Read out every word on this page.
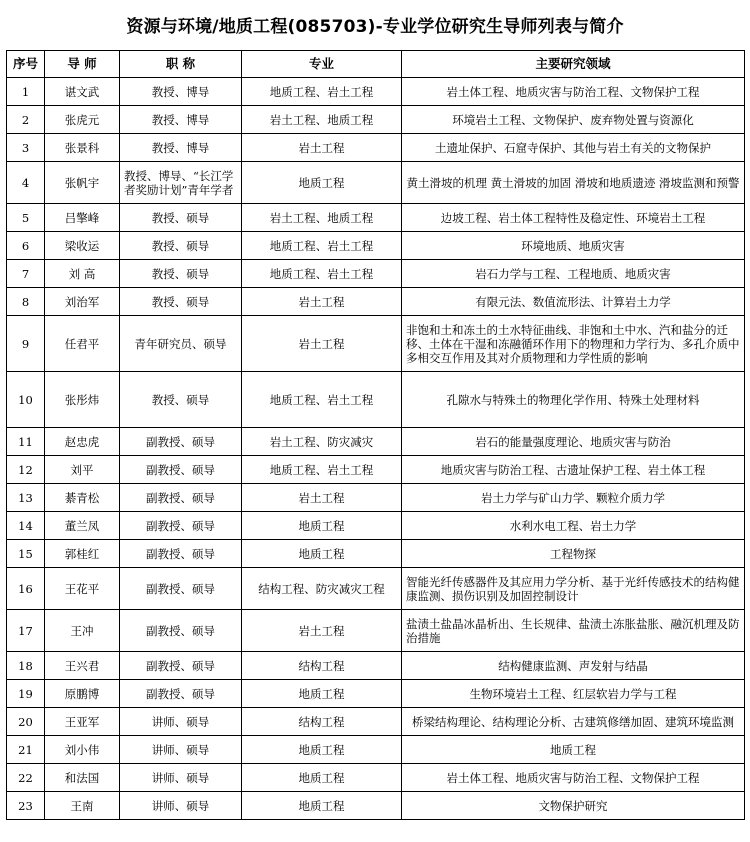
资源与环境/地质工程(085703)-专业学位研究生导师列表与简介
序号	导 师	职 称	专业	主要研究领域
1	谌文武	教授、博导	地质工程、岩土工程	岩土体工程、地质灾害与防治工程、文物保护工程
2	张虎元	教授、博导	岩土工程、地质工程	环境岩土工程、文物保护、废弃物处置与资源化
3	张景科	教授、博导	岩土工程	土遗址保护、石窟寺保护、其他与岩土有关的文物保护
4	张帆宇	教授、博导、“长江学者奖励计划”青年学者	地质工程	黄土滑坡的机理 黄土滑坡的加固 滑坡和地质遗迹 滑坡监测和预警
5	吕擎峰	教授、硕导	岩土工程、地质工程	边坡工程、岩土体工程特性及稳定性、环境岩土工程
6	梁收运	教授、硕导	地质工程、岩土工程	环境地质、地质灾害
7	刘 高	教授、硕导	地质工程、岩土工程	岩石力学与工程、工程地质、地质灾害
8	刘治军	教授、硕导	岩土工程	有限元法、数值流形法、计算岩土力学
9	任君平	青年研究员、硕导	岩土工程	非饱和土和冻土的土水特征曲线、非饱和土中水、汽和盐分的迁移、土体在干湿和冻融循环作用下的物理和力学行为、多孔介质中多相交互作用及其对介质物理和力学性质的影响
10	张彤炜	教授、硕导	地质工程、岩土工程	孔隙水与特殊土的物理化学作用、特殊土处理材料
11	赵忠虎	副教授、硕导	岩土工程、防灾减灾	岩石的能量强度理论、地质灾害与防治
12	刘平	副教授、硕导	地质工程、岩土工程	地质灾害与防治工程、古遗址保护工程、岩土体工程
13	綦青松	副教授、硕导	岩土工程	岩土力学与矿山力学、颗粒介质力学
14	董兰凤	副教授、硕导	地质工程	水利水电工程、岩土力学
15	郭桂红	副教授、硕导	地质工程	工程物探
16	王花平	副教授、硕导	结构工程、防灾减灾工程	智能光纤传感器件及其应用力学分析、基于光纤传感技术的结构健康监测、损伤识别及加固控制设计
17	王冲	副教授、硕导	岩土工程	盐渍土盐晶冰晶析出、生长规律、盐渍土冻胀盐胀、融沉机理及防治措施
18	王兴君	副教授、硕导	结构工程	结构健康监测、声发射与结晶
19	原鹏博	副教授、硕导	地质工程	生物环境岩土工程、红层软岩力学与工程
20	王亚军	讲师、硕导	结构工程	桥梁结构理论、结构理论分析、古建筑修缮加固、建筑环境监测
21	刘小伟	讲师、硕导	地质工程	地质工程
22	和法国	讲师、硕导	地质工程	岩土体工程、地质灾害与防治工程、文物保护工程
23	王南	讲师、硕导	地质工程	文物保护研究
